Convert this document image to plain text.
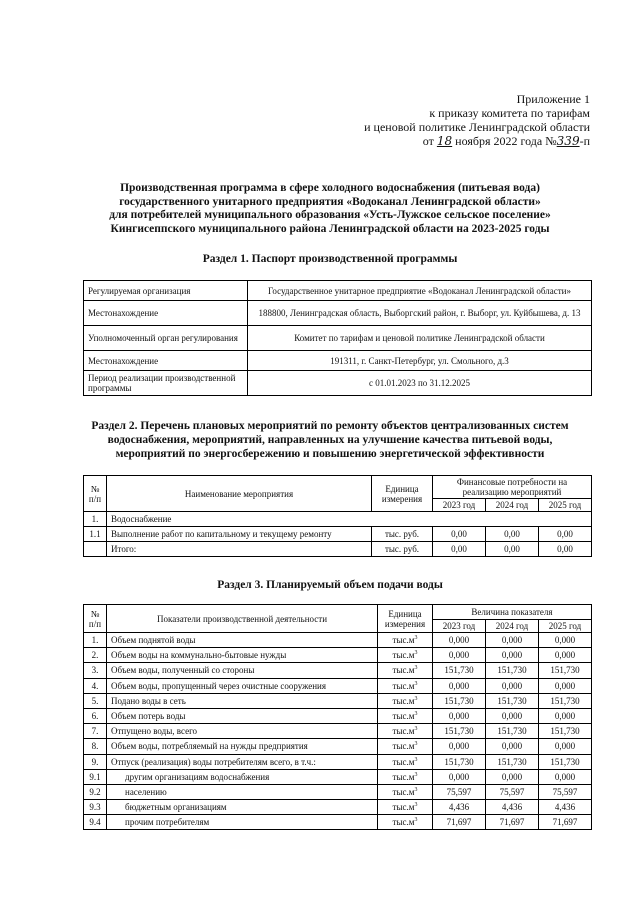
Приложение 1
к приказу комитета по тарифам
и ценовой политике Ленинградской области
от 18 ноября 2022 года №339-п
Производственная программа в сфере холодного водоснабжения (питьевая вода)
государственного унитарного предприятия «Водоканал Ленинградской области»
для потребителей муниципального образования «Усть-Лужское сельское поселение»
Кингисеппского муниципального района Ленинградской области на 2023-2025 годы
Раздел 1. Паспорт производственной программы
Регулируемая организация	Государственное унитарное предприятие «Водоканал Ленинградской области»
Местонахождение	188800, Ленинградская область, Выборгский район, г. Выборг, ул. Куйбышева, д. 13
Уполномоченный орган регулирования	Комитет по тарифам и ценовой политике Ленинградской области
Местонахождение	191311, г. Санкт-Петербург, ул. Смольного, д.3
Период реализации производственной программы	с 01.01.2023 по 31.12.2025
Раздел 2. Перечень плановых мероприятий по ремонту объектов централизованных систем
водоснабжения, мероприятий, направленных на улучшение качества питьевой воды,
мероприятий по энергосбережению и повышению энергетической эффективности
№ п/п	Наименование мероприятия	Единица измерения	Финансовые потребности на реализацию мероприятий		
			2023 год	2024 год	2025 год
1.	Водоснабжение				
1.1	Выполнение работ по капитальному и текущему ремонту	тыс. руб.	0,00	0,00	0,00
	Итого:	тыс. руб.	0,00	0,00	0,00
Раздел 3. Планируемый объем подачи воды
№ п/п	Показатели производственной деятельности	Единица измерения	Величина показателя		
			2023 год	2024 год	2025 год
1.	Объем поднятой воды	$тыс.м^3$	0,000	0,000	0,000
2.	Объем воды на коммунально-бытовые нужды	$тыс.м^3$	0,000	0,000	0,000
3.	Объем воды, полученный со стороны	$тыс.м^3$	151,730	151,730	151,730
4.	Объем воды, пропущенный через очистные сооружения	$тыс.м^3$	0,000	0,000	0,000
5.	Подано воды в сеть	$тыс.м^3$	151,730	151,730	151,730
6.	Объем потерь воды	$тыс.м^3$	0,000	0,000	0,000
7.	Отпущено воды, всего	$тыс.м^3$	151,730	151,730	151,730
8.	Объем воды, потребляемый на нужды предприятия	$тыс.м^3$	0,000	0,000	0,000
9.	Отпуск (реализация) воды потребителям всего, в т.ч.:	$тыс.м^3$	151,730	151,730	151,730
9.1	другим организациям водоснабжения	$тыс.м^3$	0,000	0,000	0,000
9.2	населению	$тыс.м^3$	75,597	75,597	75,597
9.3	бюджетным организациям	$тыс.м^3$	4,436	4,436	4,436
9.4	прочим потребителям	$тыс.м^3$	71,697	71,697	71,697
